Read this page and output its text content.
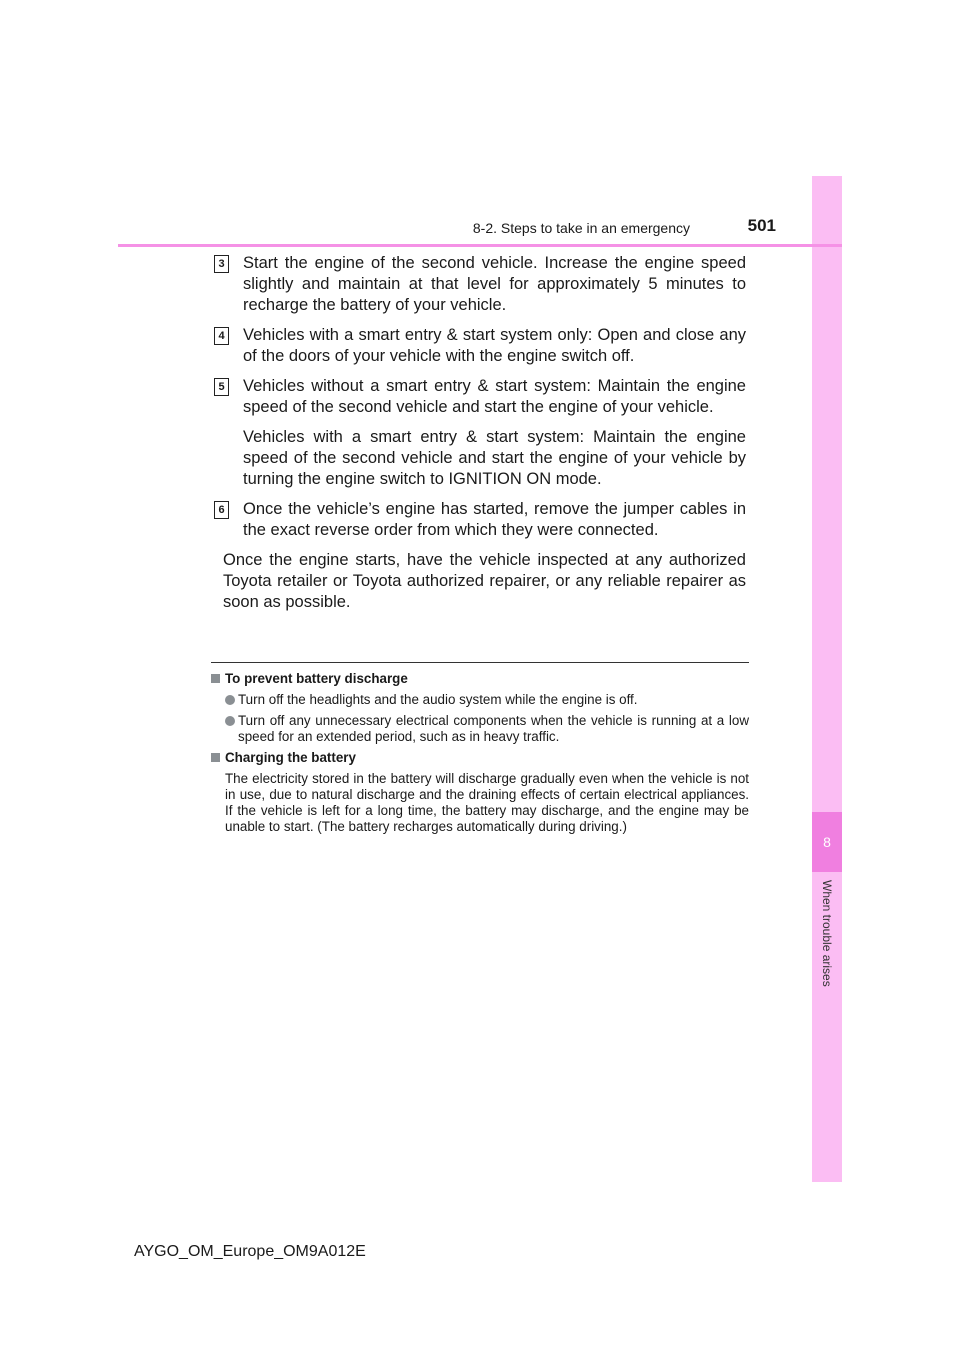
8
When trouble arises
8-2. Steps to take in an emergency	501
3 Start the engine of the second vehicle. Increase the engine speed slightly and maintain at that level for approximately 5 minutes to recharge the battery of your vehicle.

4 Vehicles with a smart entry & start system only: Open and close any of the doors of your vehicle with the engine switch off.

5 Vehicles without a smart entry & start system: Maintain the engine speed of the second vehicle and start the engine of your vehicle.

Vehicles with a smart entry & start system: Maintain the engine speed of the second vehicle and start the engine of your vehicle by turning the engine switch to IGNITION ON mode.

6 Once the vehicle’s engine has started, remove the jumper cables in the exact reverse order from which they were connected.

Once the engine starts, have the vehicle inspected at any authorized Toyota retailer or Toyota authorized repairer, or any reliable repairer as soon as possible.

To prevent battery discharge
Turn off the headlights and the audio system while the engine is off.
Turn off any unnecessary electrical components when the vehicle is running at a low speed for an extended period, such as in heavy traffic.
Charging the battery

The electricity stored in the battery will discharge gradually even when the vehicle is not in use, due to natural discharge and the draining effects of certain electrical appliances. If the vehicle is left for a long time, the battery may discharge, and the engine may be unable to start. (The battery recharges automatically during driving.)

AYGO_OM_Europe_OM9A012E
